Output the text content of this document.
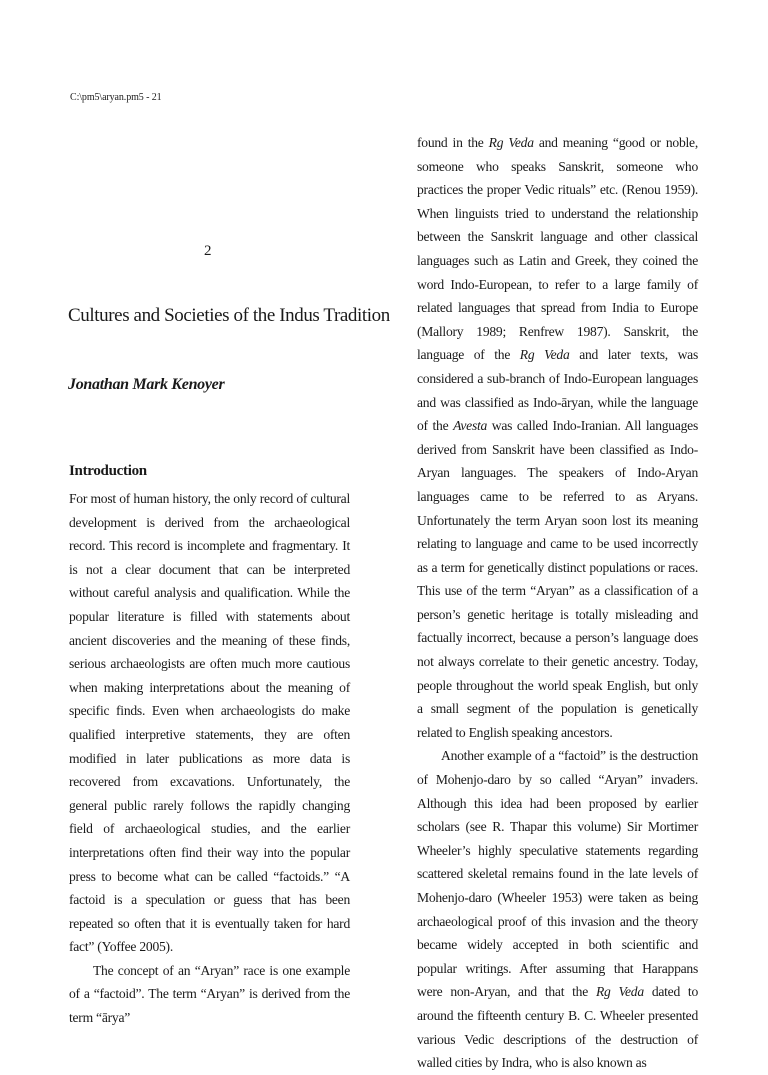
C:\pm5\aryan.pm5 - 21
2
Cultures and Societies of the Indus Tradition
Jonathan Mark Kenoyer
Introduction

For most of human history, the only record of cultural development is derived from the archaeological record. This record is incomplete and fragmentary. It is not a clear document that can be interpreted without careful analysis and qualification. While the popular literature is filled with statements about ancient discoveries and the meaning of these finds, serious archaeologists are often much more cautious when making interpretations about the meaning of specific finds. Even when archaeologists do make qualified interpretive statements, they are often modified in later publications as more data is recovered from excavations. Unfortunately, the general public rarely follows the rapidly changing field of archaeological studies, and the earlier interpretations often find their way into the popular press to become what can be called “factoids.” “A factoid is a speculation or guess that has been repeated so often that it is eventually taken for hard fact” (Yoffee 2005).

The concept of an “Aryan” race is one example of a “factoid”. The term “Aryan” is derived from the term “ārya”

found in the Rg Veda and meaning “good or noble, someone who speaks Sanskrit, someone who practices the proper Vedic rituals” etc. (Renou 1959). When linguists tried to understand the relationship between the Sanskrit language and other classical languages such as Latin and Greek, they coined the word Indo-European, to refer to a large family of related languages that spread from India to Europe (Mallory 1989; Renfrew 1987). Sanskrit, the language of the Rg Veda and later texts, was considered a sub-branch of Indo-European languages and was classified as Indo-āryan, while the language of the Avesta was called Indo-Iranian. All languages derived from Sanskrit have been classified as Indo-Aryan languages. The speakers of Indo-Aryan languages came to be referred to as Aryans. Unfortunately the term Aryan soon lost its meaning relating to language and came to be used incorrectly as a term for genetically distinct populations or races. This use of the term “Aryan” as a classification of a person’s genetic heritage is totally misleading and factually incorrect, because a person’s language does not always correlate to their genetic ancestry. Today, people throughout the world speak English, but only a small segment of the population is genetically related to English speaking ancestors.

Another example of a “factoid” is the destruction of Mohenjo-daro by so called “Aryan” invaders. Although this idea had been proposed by earlier scholars (see R. Thapar this volume) Sir Mortimer Wheeler’s highly speculative statements regarding scattered skeletal remains found in the late levels of Mohenjo-daro (Wheeler 1953) were taken as being archaeological proof of this invasion and the theory became widely accepted in both scientific and popular writings. After assuming that Harappans were non-Aryan, and that the Rg Veda dated to around the fifteenth century B. C. Wheeler presented various Vedic descriptions of the destruction of walled cities by Indra, who is also known as
